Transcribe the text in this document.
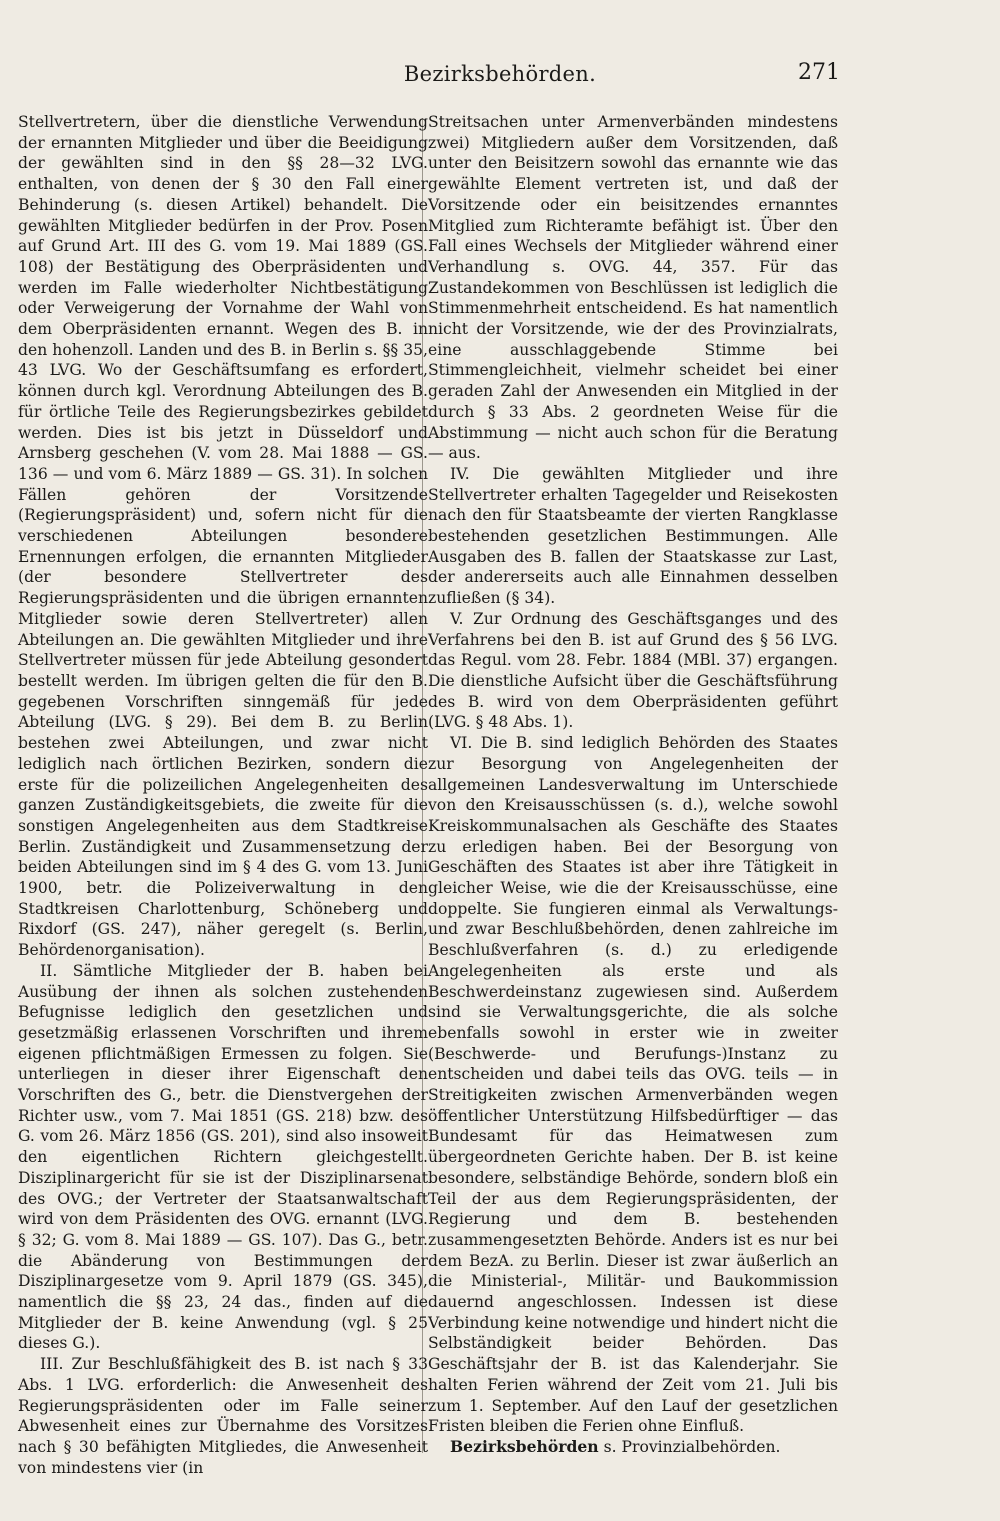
Bezirksbehörden.	271

Stellvertretern, über die dienstliche Verwendung der ernannten Mitglieder und über die Beeidigung der gewählten sind in den §§ 28—32 LVG. enthalten, von denen der § 30 den Fall einer Behinderung (s. diesen Artikel) behandelt. Die gewählten Mitglieder bedürfen in der Prov. Posen auf Grund Art. III des G. vom 19. Mai 1889 (GS. 108) der Bestätigung des Oberpräsidenten und werden im Falle wiederholter Nichtbestätigung oder Verweigerung der Vornahme der Wahl von dem Oberpräsidenten ernannt. Wegen des B. in den hohenzoll. Landen und des B. in Berlin s. §§ 35, 43 LVG. Wo der Geschäftsumfang es erfordert, können durch kgl. Verordnung Abteilungen des B. für örtliche Teile des Regierungsbezirkes gebildet werden. Dies ist bis jetzt in Düsseldorf und Arnsberg geschehen (V. vom 28. Mai 1888 — GS. 136 — und vom 6. März 1889 — GS. 31). In solchen Fällen gehören der Vorsitzende (Regierungspräsident) und, sofern nicht für die verschiedenen Abteilungen besondere Ernennungen erfolgen, die ernannten Mitglieder (der besondere Stellvertreter des Regierungspräsidenten und die übrigen ernannten Mitglieder sowie deren Stellvertreter) allen Abteilungen an. Die gewählten Mitglieder und ihre Stellvertreter müssen für jede Abteilung gesondert bestellt werden. Im übrigen gelten die für den B. gegebenen Vorschriften sinngemäß für jede Abteilung (LVG. § 29). Bei dem B. zu Berlin bestehen zwei Abteilungen, und zwar nicht lediglich nach örtlichen Bezirken, sondern die erste für die polizeilichen Angelegenheiten des ganzen Zuständigkeitsgebiets, die zweite für die sonstigen Angelegenheiten aus dem Stadtkreise Berlin. Zuständigkeit und Zusammensetzung der beiden Abteilungen sind im § 4 des G. vom 13. Juni 1900, betr. die Polizeiverwaltung in den Stadtkreisen Charlottenburg, Schöneberg und Rixdorf (GS. 247), näher geregelt (s. Berlin, Behördenorganisation).

II. Sämtliche Mitglieder der B. haben bei Ausübung der ihnen als solchen zustehenden Befugnisse lediglich den gesetzlichen und gesetzmäßig erlassenen Vorschriften und ihrem eigenen pflichtmäßigen Ermessen zu folgen. Sie unterliegen in dieser ihrer Eigenschaft den Vorschriften des G., betr. die Dienstvergehen der Richter usw., vom 7. Mai 1851 (GS. 218) bzw. des G. vom 26. März 1856 (GS. 201), sind also insoweit den eigentlichen Richtern gleichgestellt. Disziplinargericht für sie ist der Disziplinarsenat des OVG.; der Vertreter der Staatsanwaltschaft wird von dem Präsidenten des OVG. ernannt (LVG. § 32; G. vom 8. Mai 1889 — GS. 107). Das G., betr. die Abänderung von Bestimmungen der Disziplinargesetze vom 9. April 1879 (GS. 345), namentlich die §§ 23, 24 das., finden auf die Mitglieder der B. keine Anwendung (vgl. § 25 dieses G.).

III. Zur Beschlußfähigkeit des B. ist nach § 33 Abs. 1 LVG. erforderlich: die Anwesenheit des Regierungspräsidenten oder im Falle seiner Abwesenheit eines zur Übernahme des Vorsitzes nach § 30 befähigten Mitgliedes, die Anwesenheit von mindestens vier (in

Streitsachen unter Armenverbänden mindestens zwei) Mitgliedern außer dem Vorsitzenden, daß unter den Beisitzern sowohl das ernannte wie das gewählte Element vertreten ist, und daß der Vorsitzende oder ein beisitzendes ernanntes Mitglied zum Richteramte befähigt ist. Über den Fall eines Wechsels der Mitglieder während einer Verhandlung s. OVG. 44, 357. Für das Zustandekommen von Beschlüssen ist lediglich die Stimmenmehrheit entscheidend. Es hat namentlich nicht der Vorsitzende, wie der des Provinzialrats, eine ausschlaggebende Stimme bei Stimmengleichheit, vielmehr scheidet bei einer geraden Zahl der Anwesenden ein Mitglied in der durch § 33 Abs. 2 geordneten Weise für die Abstimmung — nicht auch schon für die Beratung — aus.

IV. Die gewählten Mitglieder und ihre Stellvertreter erhalten Tagegelder und Reisekosten nach den für Staatsbeamte der vierten Rangklasse bestehenden gesetzlichen Bestimmungen. Alle Ausgaben des B. fallen der Staatskasse zur Last, der andererseits auch alle Einnahmen desselben zufließen (§ 34).

V. Zur Ordnung des Geschäftsganges und des Verfahrens bei den B. ist auf Grund des § 56 LVG. das Regul. vom 28. Febr. 1884 (MBl. 37) ergangen. Die dienstliche Aufsicht über die Geschäftsführung des B. wird von dem Oberpräsidenten geführt (LVG. § 48 Abs. 1).

VI. Die B. sind lediglich Behörden des Staates zur Besorgung von Angelegenheiten der allgemeinen Landesverwaltung im Unterschiede von den Kreisausschüssen (s. d.), welche sowohl Kreiskommunalsachen als Geschäfte des Staates zu erledigen haben. Bei der Besorgung von Geschäften des Staates ist aber ihre Tätigkeit in gleicher Weise, wie die der Kreisausschüsse, eine doppelte. Sie fungieren einmal als Verwaltungs- und zwar Beschlußbehörden, denen zahlreiche im Beschlußverfahren (s. d.) zu erledigende Angelegenheiten als erste und als Beschwerdeinstanz zugewiesen sind. Außerdem sind sie Verwaltungsgerichte, die als solche ebenfalls sowohl in erster wie in zweiter (Beschwerde- und Berufungs-)Instanz zu entscheiden und dabei teils das OVG. teils — in Streitigkeiten zwischen Armenverbänden wegen öffentlicher Unterstützung Hilfsbedürftiger — das Bundesamt für das Heimatwesen zum übergeordneten Gerichte haben. Der B. ist keine besondere, selbständige Behörde, sondern bloß ein Teil der aus dem Regierungspräsidenten, der Regierung und dem B. bestehenden zusammengesetzten Behörde. Anders ist es nur bei dem BezA. zu Berlin. Dieser ist zwar äußerlich an die Ministerial-, Militär- und Baukommission dauernd angeschlossen. Indessen ist diese Verbindung keine notwendige und hindert nicht die Selbständigkeit beider Behörden. Das Geschäftsjahr der B. ist das Kalenderjahr. Sie halten Ferien während der Zeit vom 21. Juli bis zum 1. September. Auf den Lauf der gesetzlichen Fristen bleiben die Ferien ohne Einfluß.

Bezirksbehörden s. Provinzialbehörden.
